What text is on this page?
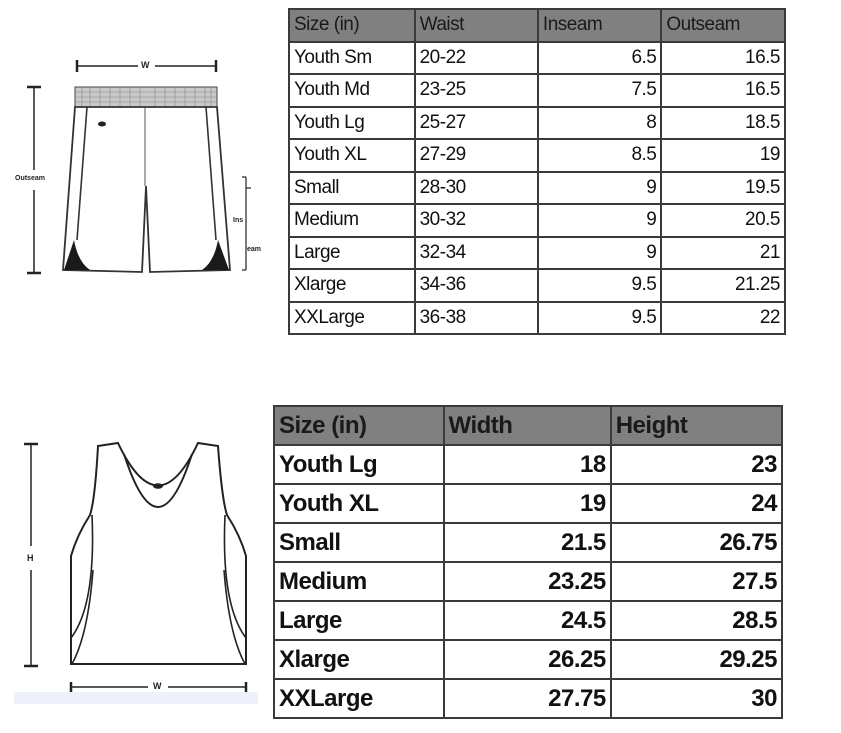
W
Outseam
Ins
eam
Size (in)	Waist	Inseam	Outseam
Youth Sm	20-22	6.5	16.5
Youth Md	23-25	7.5	16.5
Youth Lg	25-27	8	18.5
Youth XL	27-29	8.5	19
Small	28-30	9	19.5
Medium	30-32	9	20.5
Large	32-34	9	21
Xlarge	34-36	9.5	21.25
XXLarge	36-38	9.5	22
H
W
Size (in)	Width	Height
Youth Lg	18	23
Youth XL	19	24
Small	21.5	26.75
Medium	23.25	27.5
Large	24.5	28.5
Xlarge	26.25	29.25
XXLarge	27.75	30
